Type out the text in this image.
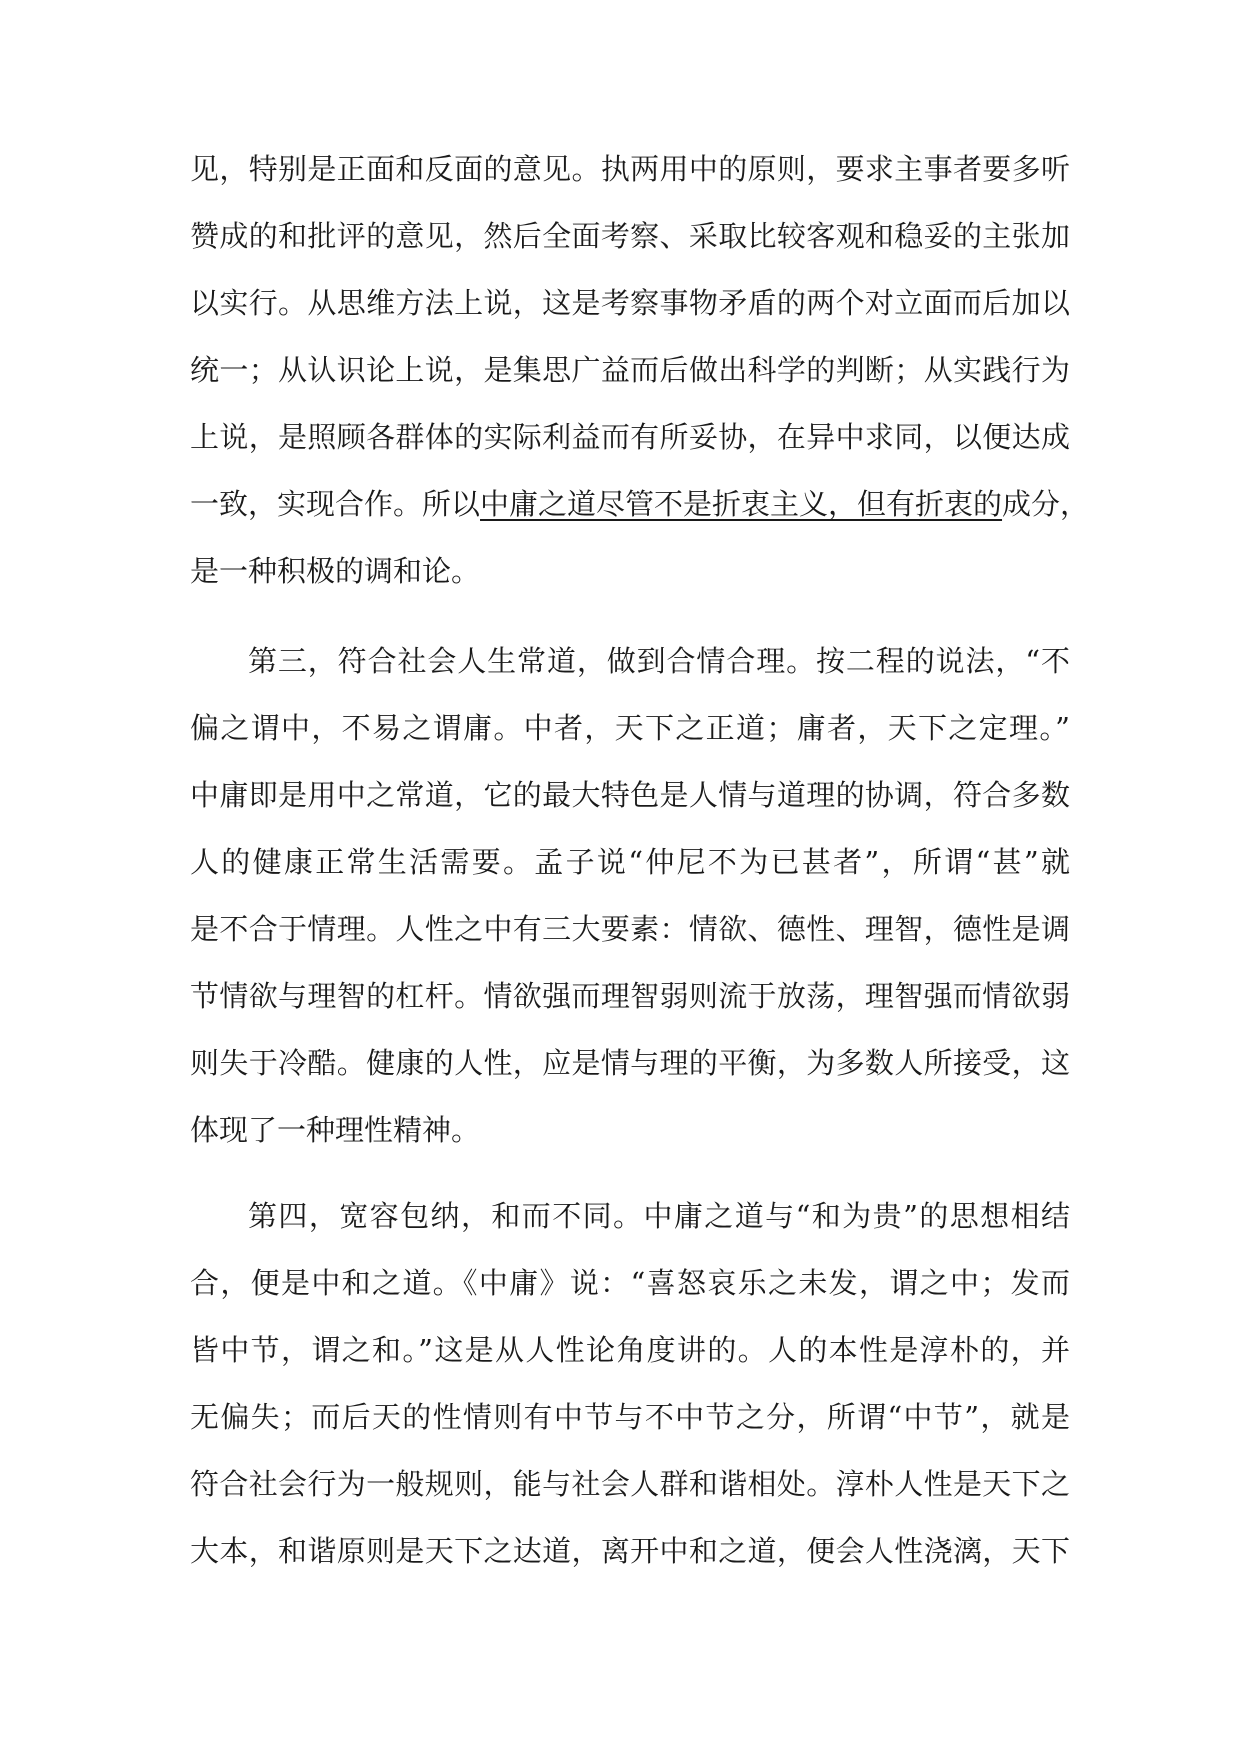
见，特别是正面和反面的意见。执两用中的原则，要求主事者要多听
赞成的和批评的意见，然后全面考察、采取比较客观和稳妥的主张加
以实行。从思维方法上说，这是考察事物矛盾的两个对立面而后加以
统一；从认识论上说，是集思广益而后做出科学的判断；从实践行为
上说，是照顾各群体的实际利益而有所妥协，在异中求同，以便达成
一致，实现合作。所以中庸之道尽管不是折衷主义，但有折衷的成分，
是一种积极的调和论。
第三，符合社会人生常道，做到合情合理。按二程的说法，“不
偏之谓中，不易之谓庸。中者，天下之正道；庸者，天下之定理。”
中庸即是用中之常道，它的最大特色是人情与道理的协调，符合多数
人的健康正常生活需要。孟子说“仲尼不为已甚者”，所谓“甚”就
是不合于情理。人性之中有三大要素：情欲、德性、理智，德性是调
节情欲与理智的杠杆。情欲强而理智弱则流于放荡，理智强而情欲弱
则失于冷酷。健康的人性，应是情与理的平衡，为多数人所接受，这
体现了一种理性精神。
第四，宽容包纳，和而不同。中庸之道与“和为贵”的思想相结
合，便是中和之道。《中庸》说：“喜怒哀乐之未发，谓之中；发而
皆中节，谓之和。”这是从人性论角度讲的。人的本性是淳朴的，并
无偏失；而后天的性情则有中节与不中节之分，所谓“中节”，就是
符合社会行为一般规则，能与社会人群和谐相处。淳朴人性是天下之
大本，和谐原则是天下之达道，离开中和之道，便会人性浇漓，天下
